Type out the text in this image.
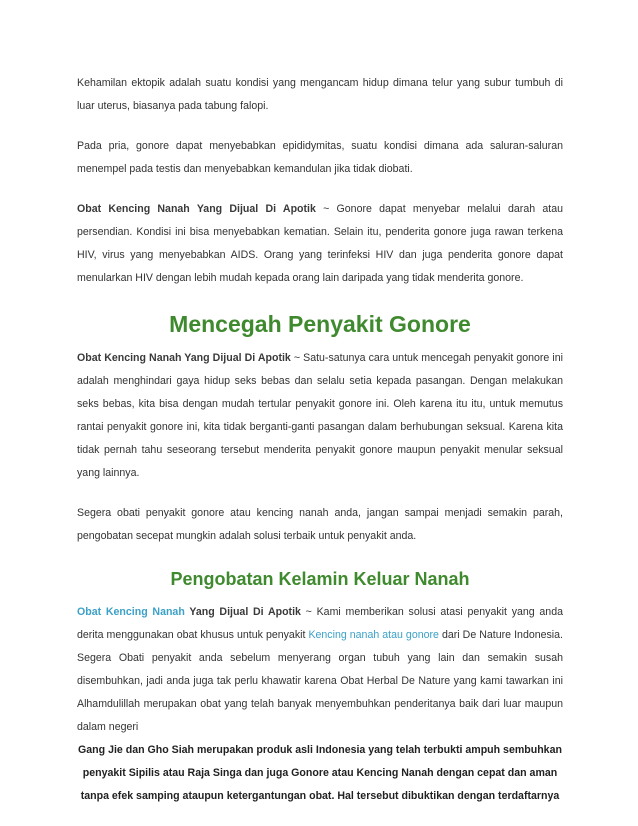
Kehamilan ektopik adalah suatu kondisi yang mengancam hidup dimana telur yang subur tumbuh di luar uterus, biasanya pada tabung falopi.

Pada pria, gonore dapat menyebabkan epididymitas, suatu kondisi dimana ada saluran-saluran menempel pada testis dan menyebabkan kemandulan jika tidak diobati.

Obat Kencing Nanah Yang Dijual Di Apotik ~ Gonore dapat menyebar melalui darah atau persendian. Kondisi ini bisa menyebabkan kematian. Selain itu, penderita gonore juga rawan terkena HIV, virus yang menyebabkan AIDS. Orang yang terinfeksi HIV dan juga penderita gonore dapat menularkan HIV dengan lebih mudah kepada orang lain daripada yang tidak menderita gonore.

Mencegah Penyakit Gonore

Obat Kencing Nanah Yang Dijual Di Apotik ~ Satu-satunya cara untuk mencegah penyakit gonore ini adalah menghindari gaya hidup seks bebas dan selalu setia kepada pasangan. Dengan melakukan seks bebas, kita bisa dengan mudah tertular penyakit gonore ini. Oleh karena itu itu, untuk memutus rantai penyakit gonore ini, kita tidak berganti-ganti pasangan dalam berhubungan seksual. Karena kita tidak pernah tahu seseorang tersebut menderita penyakit gonore maupun penyakit menular seksual yang lainnya.

Segera obati penyakit gonore atau kencing nanah anda, jangan sampai menjadi semakin parah, pengobatan secepat mungkin adalah solusi terbaik untuk penyakit anda.

Pengobatan Kelamin Keluar Nanah

Obat Kencing Nanah Yang Dijual Di Apotik ~ Kami memberikan solusi atasi penyakit yang anda derita menggunakan obat khusus untuk penyakit Kencing nanah atau gonore dari De Nature Indonesia. Segera Obati penyakit anda sebelum menyerang organ tubuh yang lain dan semakin susah disembuhkan, jadi anda juga tak perlu khawatir karena Obat Herbal De Nature yang kami tawarkan ini Alhamdulillah merupakan obat yang telah banyak menyembuhkan penderitanya baik dari luar maupun dalam negeri

Gang Jie dan Gho Siah merupakan produk asli Indonesia yang telah terbukti ampuh sembuhkan penyakit Sipilis atau Raja Singa dan juga Gonore atau Kencing Nanah dengan cepat dan aman tanpa efek samping ataupun ketergantungan obat. Hal tersebut dibuktikan dengan terdaftarnya
